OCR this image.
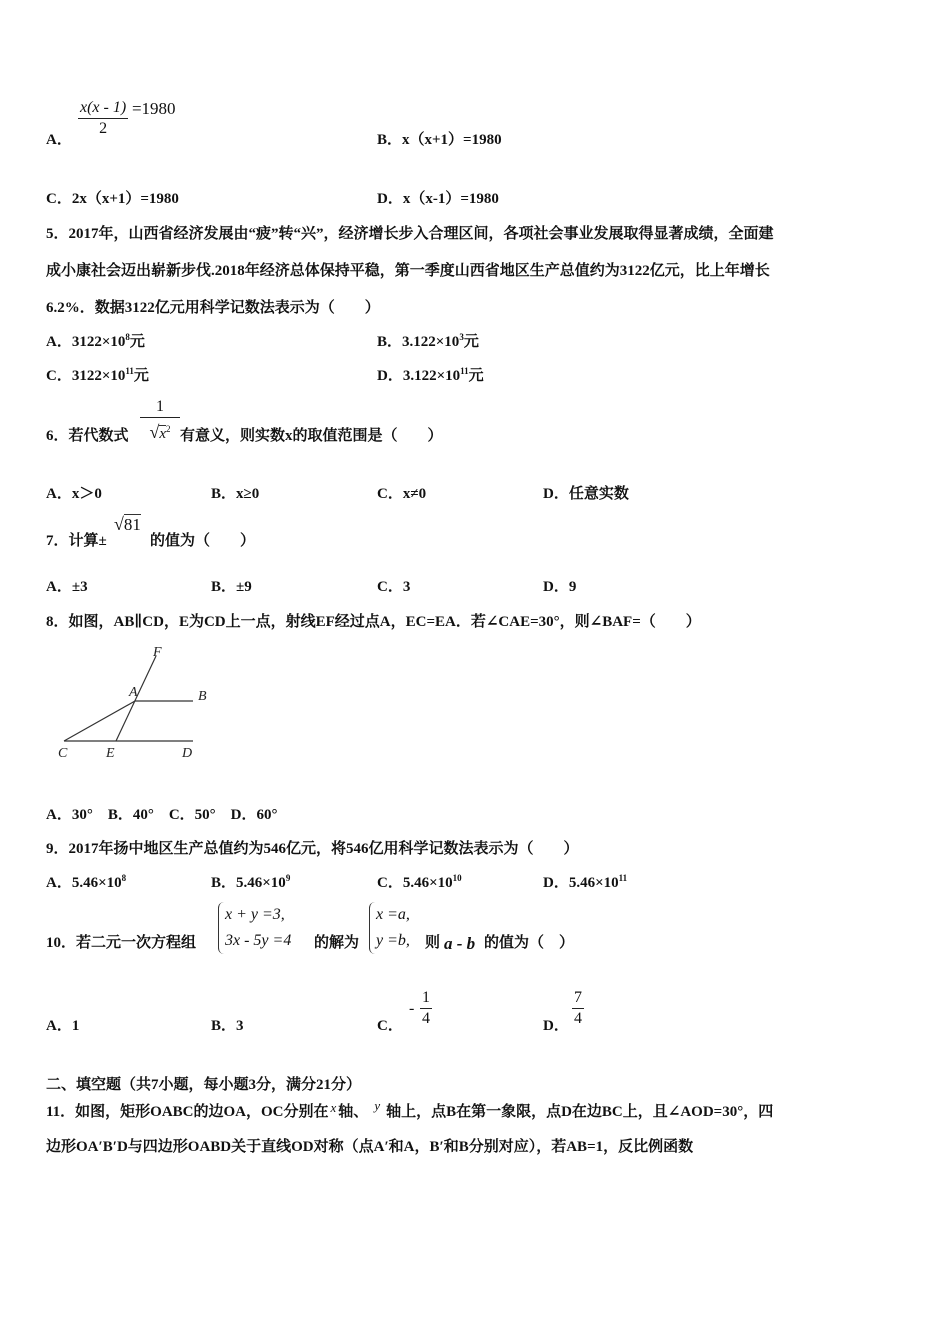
A．
$\frac{x(x - 1)}{2} =1980$
B．x（x+1）=1980
C．2x（x+1）=1980	D．x（x-1）=1980
5．2017年，山西省经济发展由“疲”转“兴”，经济增长步入合理区间，各项社会事业发展取得显著成绩，全面建
成小康社会迈出崭新步伐.2018年经济总体保持平稳，第一季度山西省地区生产总值约为3122亿元，比上年增长
6.2%．数据3122亿元用科学记数法表示为（　　）
A．$3122\times 10^8$元	B．$3.122\times 10^3$元
C．$3122\times 10^{11}$元	D．$3.122\times 10^{11}$元
6．若代数式 $\frac{1}{√x^2}$ 有意义，则实数x的取值范围是（　　）
A．x＞0	B．x≥0	C．x≠0	D．任意实数
7．计算±
√81
的值为（　　）
A．±3	B．±9	C．3	D．9
8．如图，AB∥CD，E为CD上一点，射线EF经过点A，EC=EA．若∠CAE=30°，则∠BAF=（　　）
F
A	B
C	E	D
A．30°　B．40°　C．50°　D．60°
9．2017年扬中地区生产总值约为546亿元，将546亿用科学记数法表示为（　　）
A．$5.46\times 10^8$	B．$5.46\times 10^9$	C．$5.46\times 10^{10}$	D．$5.46\times 10^{11}$
10．若二元一次方程组
x + y =3,
3x - 5y =4 的解为
x =a,
y =b, 则 a - b 的值为（　）
A．1	B．3	C．
- $\frac{1}{4}$	D． $\frac{7}{4}$
二、填空题（共7小题，每小题3分，满分21分）
11．如图，矩形OABC的边OA，OC分别在 x 轴、 y 轴上，点B在第一象限，点D在边BC上，且∠AOD=30°，四
边形OA′B′D与四边形OABD关于直线OD对称（点A′和A，B′和B分别对应），若AB=1，反比例函数
